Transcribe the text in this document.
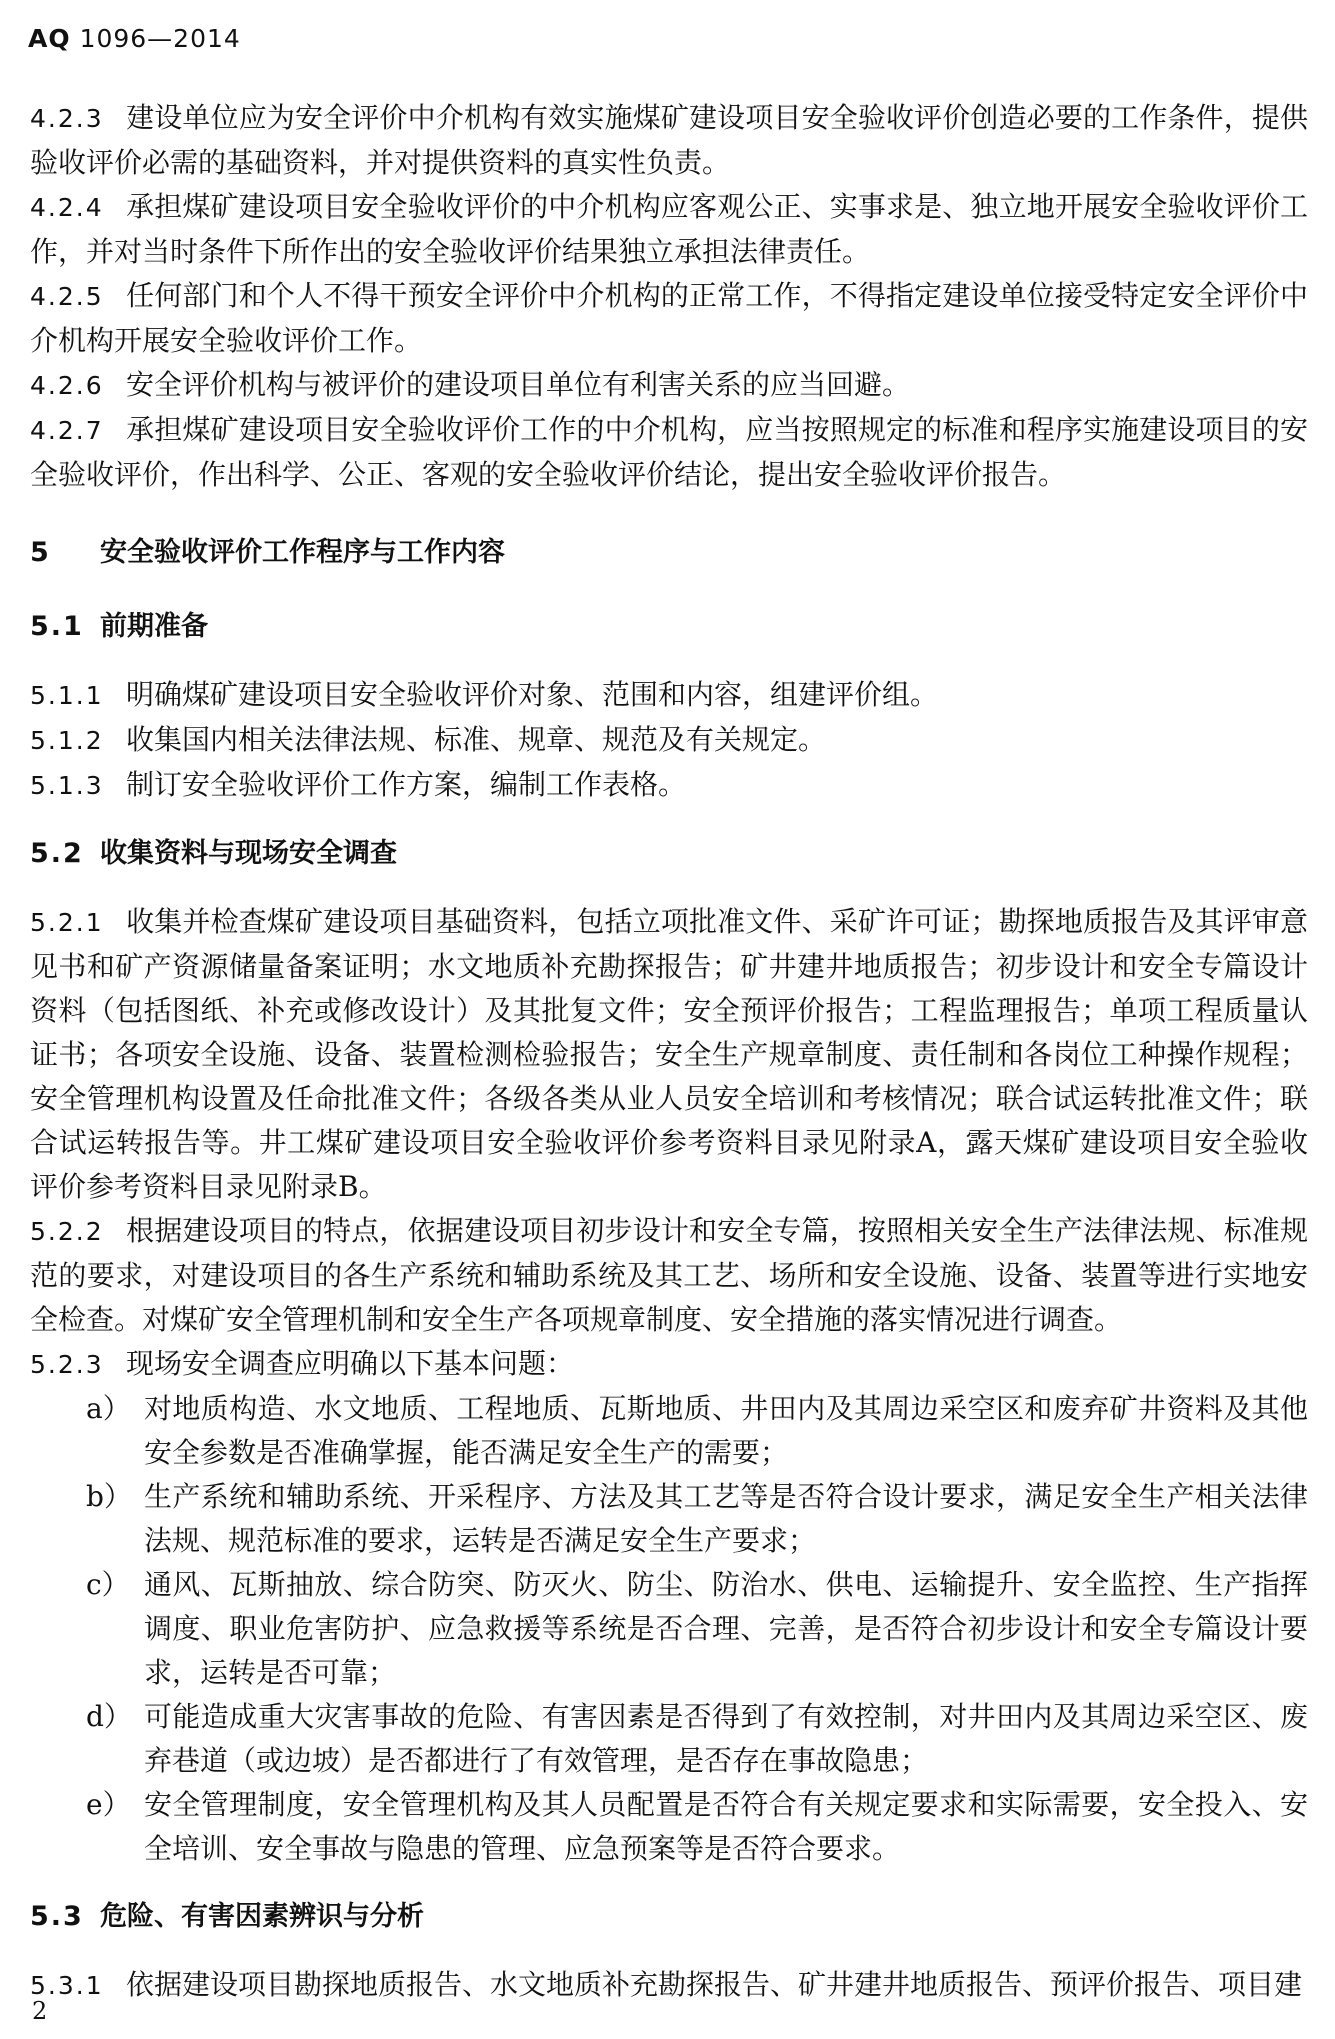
AQ 1096—2014

4.2.3 建设单位应为安全评价中介机构有效实施煤矿建设项目安全验收评价创造必要的工作条件，提供验收评价必需的基础资料，并对提供资料的真实性负责。

4.2.4 承担煤矿建设项目安全验收评价的中介机构应客观公正、实事求是、独立地开展安全验收评价工作，并对当时条件下所作出的安全验收评价结果独立承担法律责任。

4.2.5 任何部门和个人不得干预安全评价中介机构的正常工作，不得指定建设单位接受特定安全评价中介机构开展安全验收评价工作。

4.2.6 安全评价机构与被评价的建设项目单位有利害关系的应当回避。

4.2.7 承担煤矿建设项目安全验收评价工作的中介机构，应当按照规定的标准和程序实施建设项目的安全验收评价，作出科学、公正、客观的安全验收评价结论，提出安全验收评价报告。

5 安全验收评价工作程序与工作内容
5.1 前期准备

5.1.1 明确煤矿建设项目安全验收评价对象、范围和内容，组建评价组。

5.1.2 收集国内相关法律法规、标准、规章、规范及有关规定。

5.1.3 制订安全验收评价工作方案，编制工作表格。

5.2 收集资料与现场安全调查

5.2.1 收集并检查煤矿建设项目基础资料，包括立项批准文件、采矿许可证；勘探地质报告及其评审意见书和矿产资源储量备案证明；水文地质补充勘探报告；矿井建井地质报告；初步设计和安全专篇设计资料（包括图纸、补充或修改设计）及其批复文件；安全预评价报告；工程监理报告；单项工程质量认证书；各项安全设施、设备、装置检测检验报告；安全生产规章制度、责任制和各岗位工种操作规程；安全管理机构设置及任命批准文件；各级各类从业人员安全培训和考核情况；联合试运转批准文件；联合试运转报告等。井工煤矿建设项目安全验收评价参考资料目录见附录A，露天煤矿建设项目安全验收评价参考资料目录见附录B。

5.2.2 根据建设项目的特点，依据建设项目初步设计和安全专篇，按照相关安全生产法律法规、标准规范的要求，对建设项目的各生产系统和辅助系统及其工艺、场所和安全设施、设备、装置等进行实地安全检查。对煤矿安全管理机制和安全生产各项规章制度、安全措施的落实情况进行调查。

5.2.3 现场安全调查应明确以下基本问题：

a） 对地质构造、水文地质、工程地质、瓦斯地质、井田内及其周边采空区和废弃矿井资料及其他安全参数是否准确掌握，能否满足安全生产的需要；
b） 生产系统和辅助系统、开采程序、方法及其工艺等是否符合设计要求，满足安全生产相关法律法规、规范标准的要求，运转是否满足安全生产要求；
c） 通风、瓦斯抽放、综合防突、防灭火、防尘、防治水、供电、运输提升、安全监控、生产指挥调度、职业危害防护、应急救援等系统是否合理、完善，是否符合初步设计和安全专篇设计要求，运转是否可靠；
d） 可能造成重大灾害事故的危险、有害因素是否得到了有效控制，对井田内及其周边采空区、废弃巷道（或边坡）是否都进行了有效管理，是否存在事故隐患；
e） 安全管理制度，安全管理机构及其人员配置是否符合有关规定要求和实际需要，安全投入、安全培训、安全事故与隐患的管理、应急预案等是否符合要求。
5.3 危险、有害因素辨识与分析

5.3.1 依据建设项目勘探地质报告、水文地质补充勘探报告、矿井建井地质报告、预评价报告、项目建

2
